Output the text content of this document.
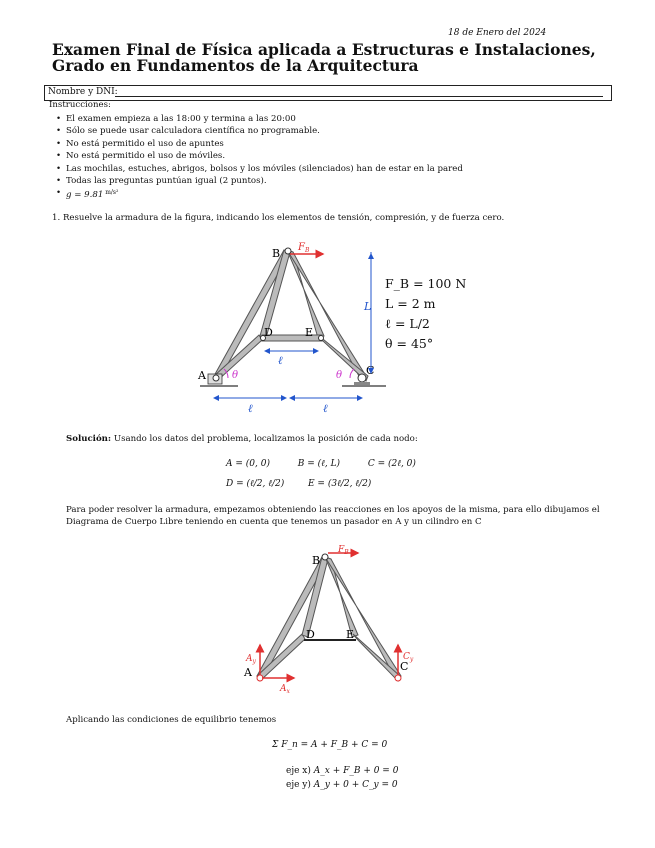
18 de Enero del 2024
Examen Final de Física aplicada a Estructuras e Instalaciones,
Grado en Fundamentos de la Arquitectura
Nombre y DNI:
Instrucciones:
• El examen empieza a las 18:00 y termina a las 20:00
• Sólo se puede usar calculadora científica no programable.
• No está permitido el uso de apuntes
• No está permitido el uso de móviles.
• Las mochilas, estuches, abrigos, bolsos y los móviles (silenciados) han de estar en la pared
• Todas las preguntas puntúan igual (2 puntos).
• g = 9.81 $^{m/s^2}$
1. Resuelve la armadura de la figura, indicando los elementos de tensión, compresión, y de fuerza cero.
A
B
C
D	E
$F_B$
L
ℓ
ℓ	ℓ
θ	θ
F_B = 100 N
L = 2 m
ℓ = L/2
θ = 45°
Solución: Usando los datos del problema, localizamos la posición de cada nodo:
A = (0, 0)	B = (ℓ, L)	C = (2ℓ, 0)
D = (ℓ/2, ℓ/2)	E = (3ℓ/2, ℓ/2)
Para poder resolver la armadura, empezamos obteniendo las reacciones en los apoyos de la misma, para ello dibujamos el Diagrama de Cuerpo Libre teniendo en cuenta que tenemos un pasador en A y un cilindro en C
B
A	C
D	E
$F_B$
$A_y$
$A_x$
$C_y$
Aplicando las condiciones de equilibrio tenemos
Σ F_n = A + F_B + C = 0
eje x) A_x + F_B + 0 = 0
eje y) A_y + 0 + C_y = 0
